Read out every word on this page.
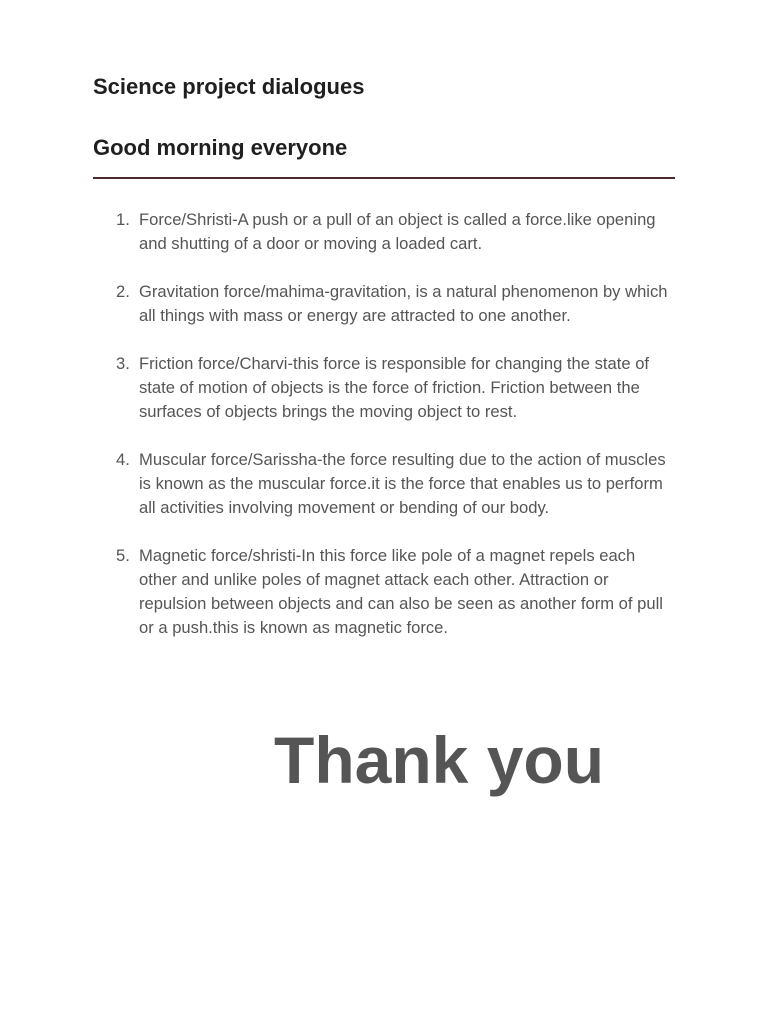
Science project dialogues
Good morning everyone
1. Force/Shristi-A push or a pull of an object is called a force.like opening and shutting of a door or moving a loaded cart.
2. Gravitation force/mahima-gravitation, is a natural phenomenon by which all things with mass or energy are attracted to one another.
3. Friction force/Charvi-this force is responsible for changing the state of state of motion of objects is the force of friction. Friction between the surfaces of objects brings the moving object to rest.
4. Muscular force/Sarissha-the force resulting due to the action of muscles is known as the muscular force.it is the force that enables us to perform all activities involving movement or bending of our body.
5. Magnetic force/shristi-In this force like pole of a magnet repels each other and unlike poles of magnet attack each other. Attraction or repulsion between objects and can also be seen as another form of pull or a push.this is known as magnetic force.
Thank you
